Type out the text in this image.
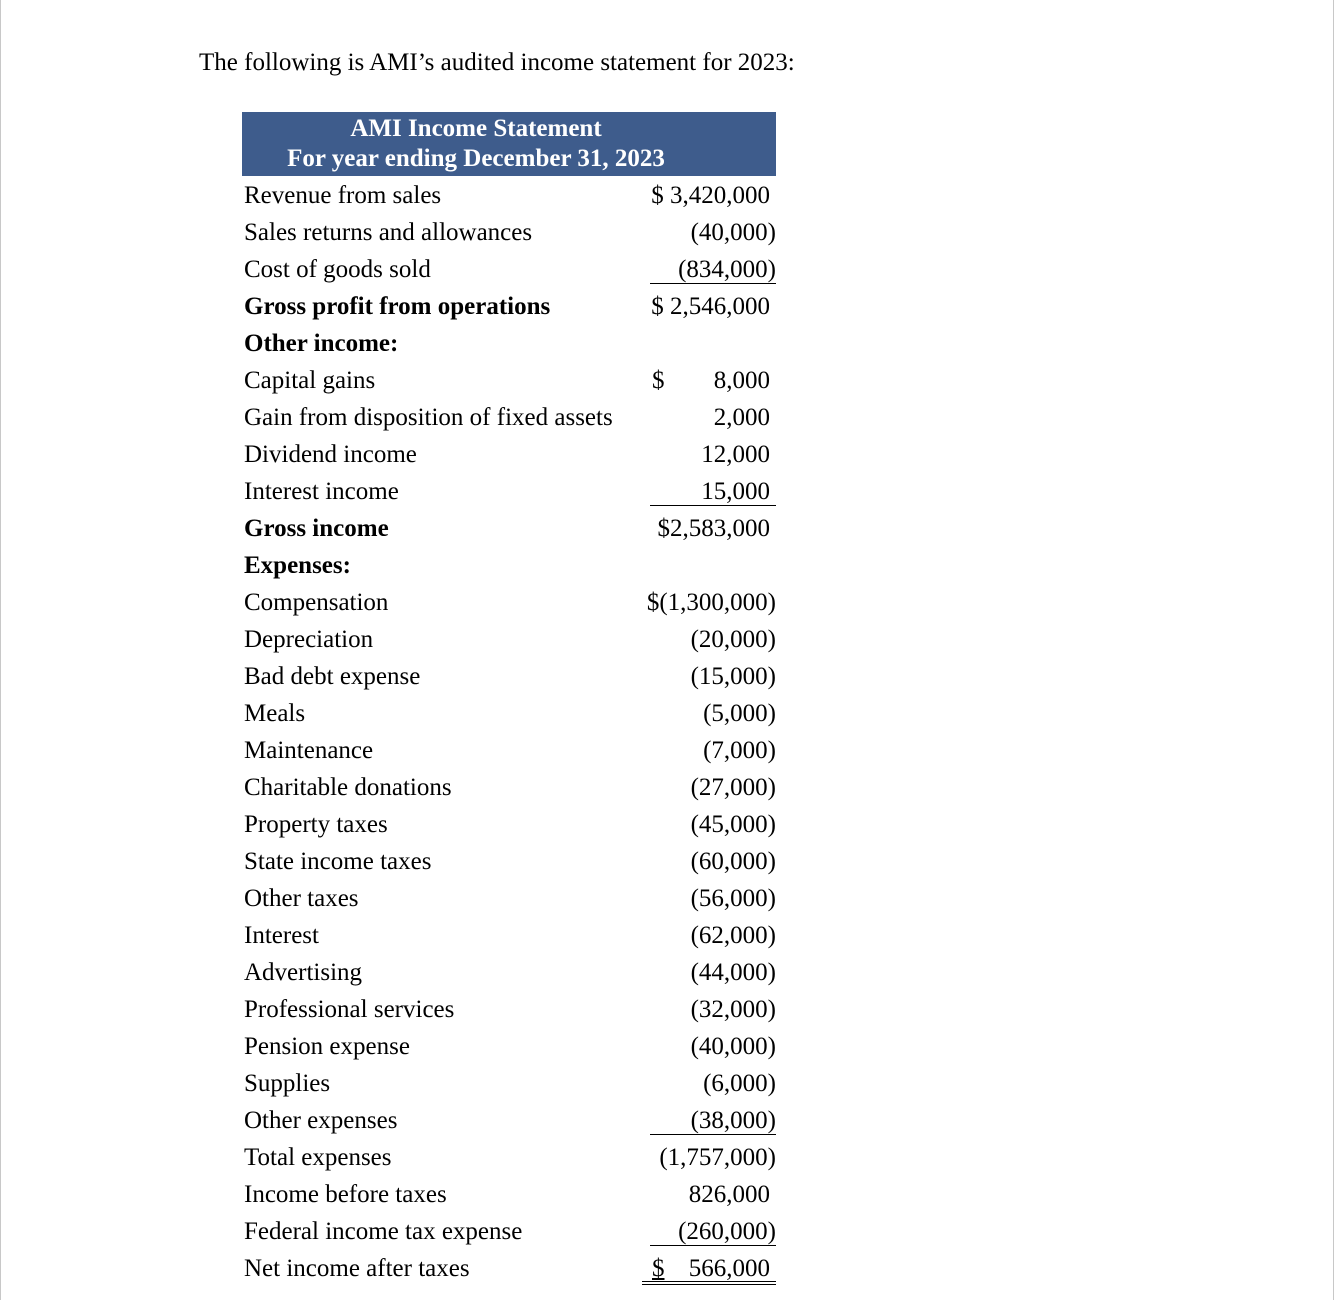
The following is AMI’s audited income statement for 2023:
AMI Income Statement
For year ending December 31, 2023
Revenue from sales	$ 3,420,000
Sales returns and allowances	(40,000)
Cost of goods sold	(834,000)
Gross profit from operations	$ 2,546,000
Other income:
Capital gains	$ 8,000
Gain from disposition of fixed assets	2,000
Dividend income	12,000
Interest income	15,000
Gross income	$2,583,000
Expenses:
Compensation	$(1,300,000)
Depreciation	(20,000)
Bad debt expense	(15,000)
Meals	(5,000)
Maintenance	(7,000)
Charitable donations	(27,000)
Property taxes	(45,000)
State income taxes	(60,000)
Other taxes	(56,000)
Interest	(62,000)
Advertising	(44,000)
Professional services	(32,000)
Pension expense	(40,000)
Supplies	(6,000)
Other expenses	(38,000)
Total expenses	(1,757,000)
Income before taxes	826,000
Federal income tax expense	(260,000)
Net income after taxes	$ 566,000
